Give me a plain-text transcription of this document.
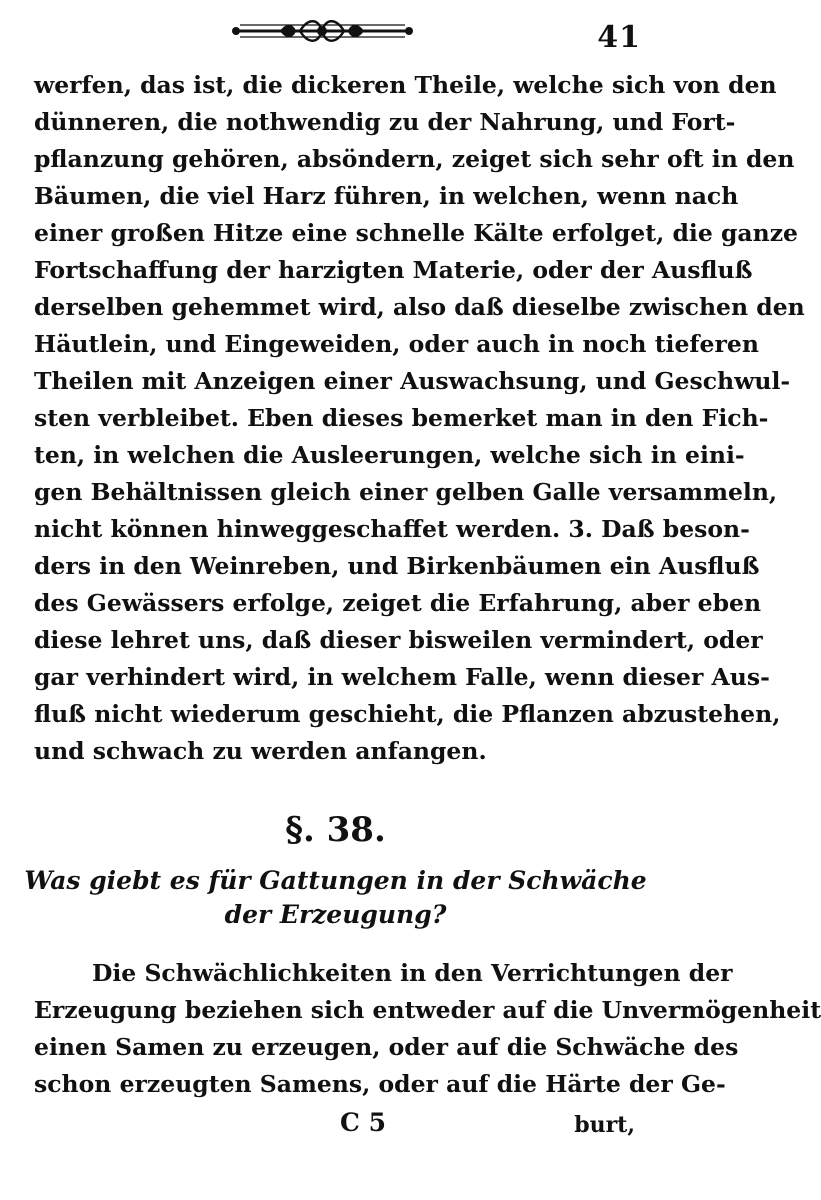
41
werfen, das ist, die dickeren Theile, welche sich von den
dünneren, die nothwendig zu der Nahrung, und Fort-
pflanzung gehören, absöndern, zeiget sich sehr oft in den
Bäumen, die viel Harz führen, in welchen, wenn nach
einer großen Hitze eine schnelle Kälte erfolget, die ganze
Fortschaffung der harzigten Materie, oder der Ausfluß
derselben gehemmet wird, also daß dieselbe zwischen den
Häutlein, und Eingeweiden, oder auch in noch tieferen
Theilen mit Anzeigen einer Auswachsung, und Geschwul-
sten verbleibet. Eben dieses bemerket man in den Fich-
ten, in welchen die Ausleerungen, welche sich in eini-
gen Behältnissen gleich einer gelben Galle versammeln,
nicht können hinweggeschaffet werden. 3. Daß beson-
ders in den Weinreben, und Birkenbäumen ein Ausfluß
des Gewässers erfolge, zeiget die Erfahrung, aber eben
diese lehret uns, daß dieser bisweilen vermindert, oder
gar verhindert wird, in welchem Falle, wenn dieser Aus-
fluß nicht wiederum geschieht, die Pflanzen abzustehen,
und schwach zu werden anfangen.
§. 38.
Was giebt es für Gattungen in der Schwäche
der Erzeugung?
Die Schwächlichkeiten in den Verrichtungen der
Erzeugung beziehen sich entweder auf die Unvermögenheit
einen Samen zu erzeugen, oder auf die Schwäche des
schon erzeugten Samens, oder auf die Härte der Ge-
C 5	burt,
